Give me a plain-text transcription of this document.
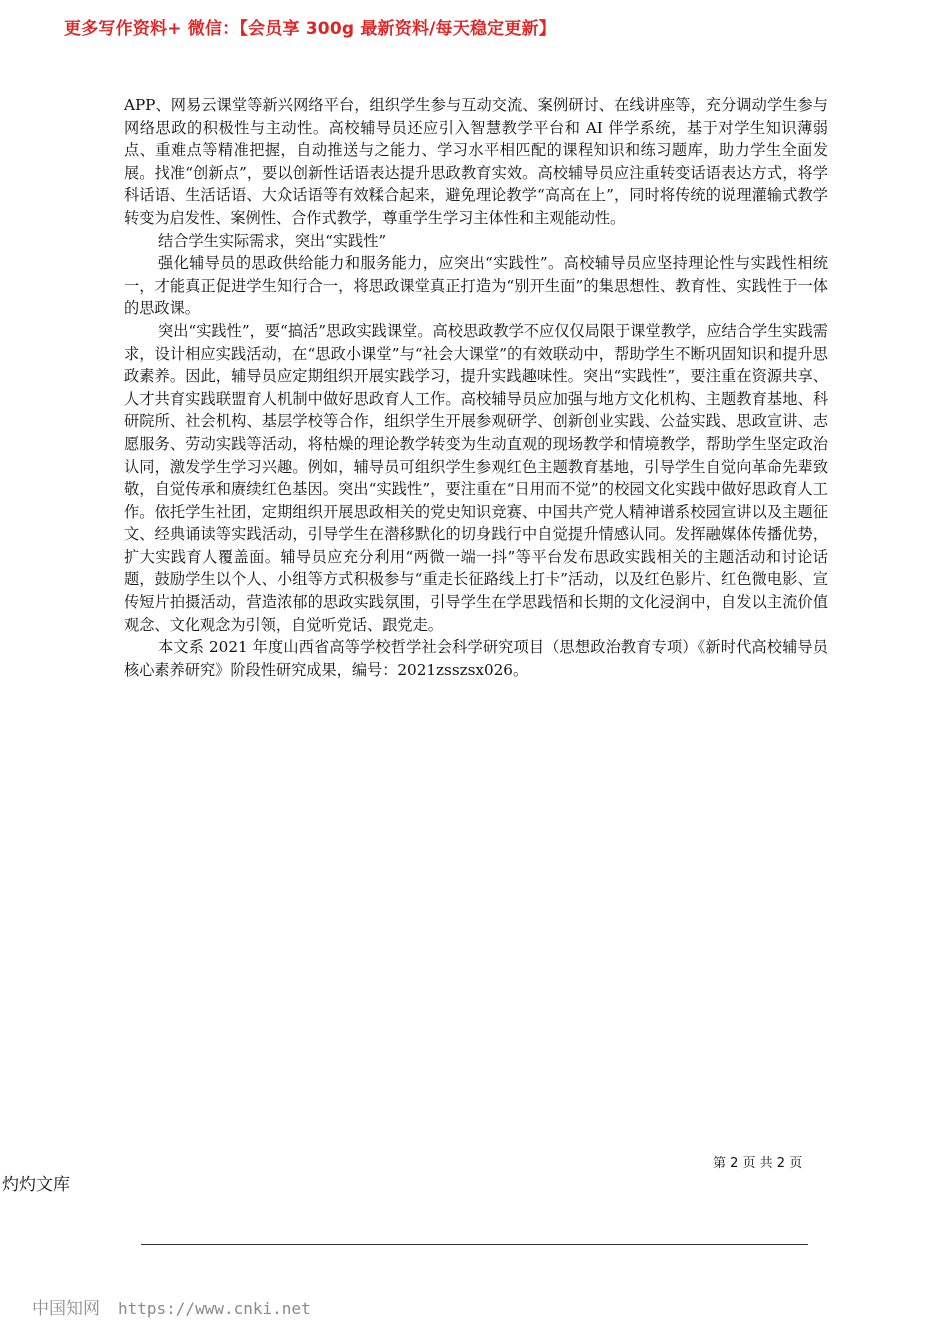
更多写作资料+ 微信：【会员享 300g 最新资料/每天稳定更新】

APP、网易云课堂等新兴网络平台，组织学生参与互动交流、案例研讨、在线讲座等，充分调动学生参与网络思政的积极性与主动性。高校辅导员还应引入智慧教学平台和 AI 伴学系统，基于对学生知识薄弱点、重难点等精准把握，自动推送与之能力、学习水平相匹配的课程知识和练习题库，助力学生全面发展。找准“创新点”，要以创新性话语表达提升思政教育实效。高校辅导员应注重转变话语表达方式，将学科话语、生活话语、大众话语等有效糅合起来，避免理论教学“高高在上”，同时将传统的说理灌输式教学转变为启发性、案例性、合作式教学，尊重学生学习主体性和主观能动性。

结合学生实际需求，突出“实践性”

强化辅导员的思政供给能力和服务能力，应突出“实践性”。高校辅导员应坚持理论性与实践性相统一，才能真正促进学生知行合一，将思政课堂真正打造为“别开生面”的集思想性、教育性、实践性于一体的思政课。

突出“实践性”，要“搞活”思政实践课堂。高校思政教学不应仅仅局限于课堂教学，应结合学生实践需求，设计相应实践活动，在“思政小课堂”与“社会大课堂”的有效联动中，帮助学生不断巩固知识和提升思政素养。因此，辅导员应定期组织开展实践学习，提升实践趣味性。突出“实践性”，要注重在资源共享、人才共育实践联盟育人机制中做好思政育人工作。高校辅导员应加强与地方文化机构、主题教育基地、科研院所、社会机构、基层学校等合作，组织学生开展参观研学、创新创业实践、公益实践、思政宣讲、志愿服务、劳动实践等活动，将枯燥的理论教学转变为生动直观的现场教学和情境教学，帮助学生坚定政治认同，激发学生学习兴趣。例如，辅导员可组织学生参观红色主题教育基地，引导学生自觉向革命先辈致敬，自觉传承和赓续红色基因。突出“实践性”，要注重在“日用而不觉”的校园文化实践中做好思政育人工作。依托学生社团，定期组织开展思政相关的党史知识竞赛、中国共产党人精神谱系校园宣讲以及主题征文、经典诵读等实践活动，引导学生在潜移默化的切身践行中自觉提升情感认同。发挥融媒体传播优势，扩大实践育人覆盖面。辅导员应充分利用“两微一端一抖”等平台发布思政实践相关的主题活动和讨论话题，鼓励学生以个人、小组等方式积极参与“重走长征路线上打卡”活动，以及红色影片、红色微电影、宣传短片拍摄活动，营造浓郁的思政实践氛围，引导学生在学思践悟和长期的文化浸润中，自发以主流价值观念、文化观念为引领，自觉听党话、跟党走。

本文系 2021 年度山西省高等学校哲学社会科学研究项目（思想政治教育专项）《新时代高校辅导员核心素养研究》阶段性研究成果，编号：2021zsszsx026。

第 2 页 共 2 页
灼灼文库
中国知网 https://www.cnki.net
